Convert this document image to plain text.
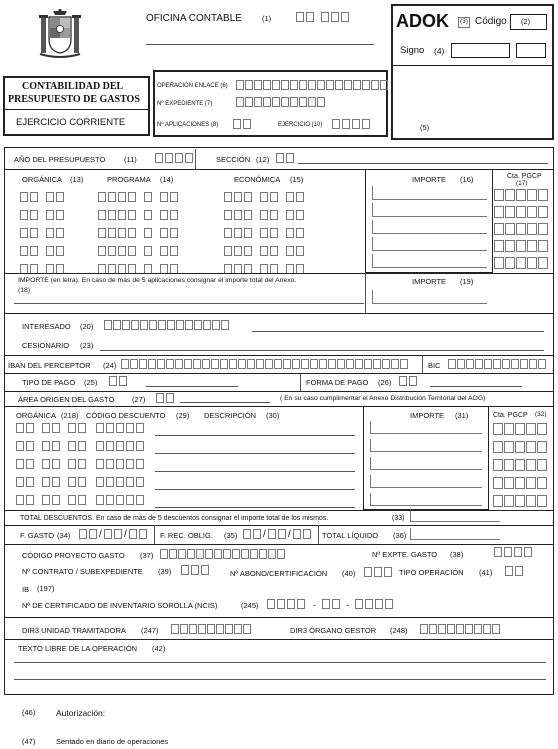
OFICINA CONTABLE	(1)	ADOK	(3) Código (2)
Signo (4)
(5)
CONTABILIDAD DEL
PRESUPUESTO DE GASTOS
EJERCICIO CORRIENTE
OPERACIÓN ENLACE (6)
Nº EXPEDIENTE (7)
Nº APLICACIONES (8)	EJERCICIO (10)
AÑO DEL PRESUPUESTO (11)	SECCIÓN (12)
ORGÁNICA (13)	PROGRAMA (14)	ECONÓMICA (15)	IMPORTE (16)	Cta. PGCP
(17)
IMPORTE (en letra). En caso de más de 5 aplicaciones consignar el importe total del Anexo.
(18)
IMPORTE (19)
INTERESADO (20)
CESIONARIO (23)
IBAN DEL PERCEPTOR (24)	BIC
TIPO DE PAGO (25)	FORMA DE PAGO (26)
ÁREA ORIGEN DEL GASTO (27)	( En su caso cumplimentar el Anexo Distribución Territorial del AOG)
ORGÁNICA (218) CÓDIGO DESCUENTO (29) DESCRIPCIÓN (30)	IMPORTE (31)	Cta. PGCP (32)
TOTAL DESCUENTOS. En caso de más de 5 descuentos consignar el importe total de los mismos.	(33)
F. GASTO (34)	/ /	F. REC. OBLIG. (35)	/ /	TOTAL LÍQUIDO (36)
CÓDIGO PROYECTO GASTO (37)	Nº EXPTE. GASTO (38)
Nº CONTRATO / SUBEXPEDIENTE (39)	Nº ABONO/CERTIFICACIÓN (40)	TIPO OPERACIÓN (41)
IB (197)
Nº DE CERTIFICADO DE INVENTARIO SOROLLA (NCIS)	(245)	-	-
DIR3 UNIDAD TRAMITADORA (247)	DIR3 ÓRGANO GESTOR (248)
TEXTO LIBRE DE LA OPERACIÓN (42)
(46) Autorización:
(47)	Sentado en diario de operaciones
